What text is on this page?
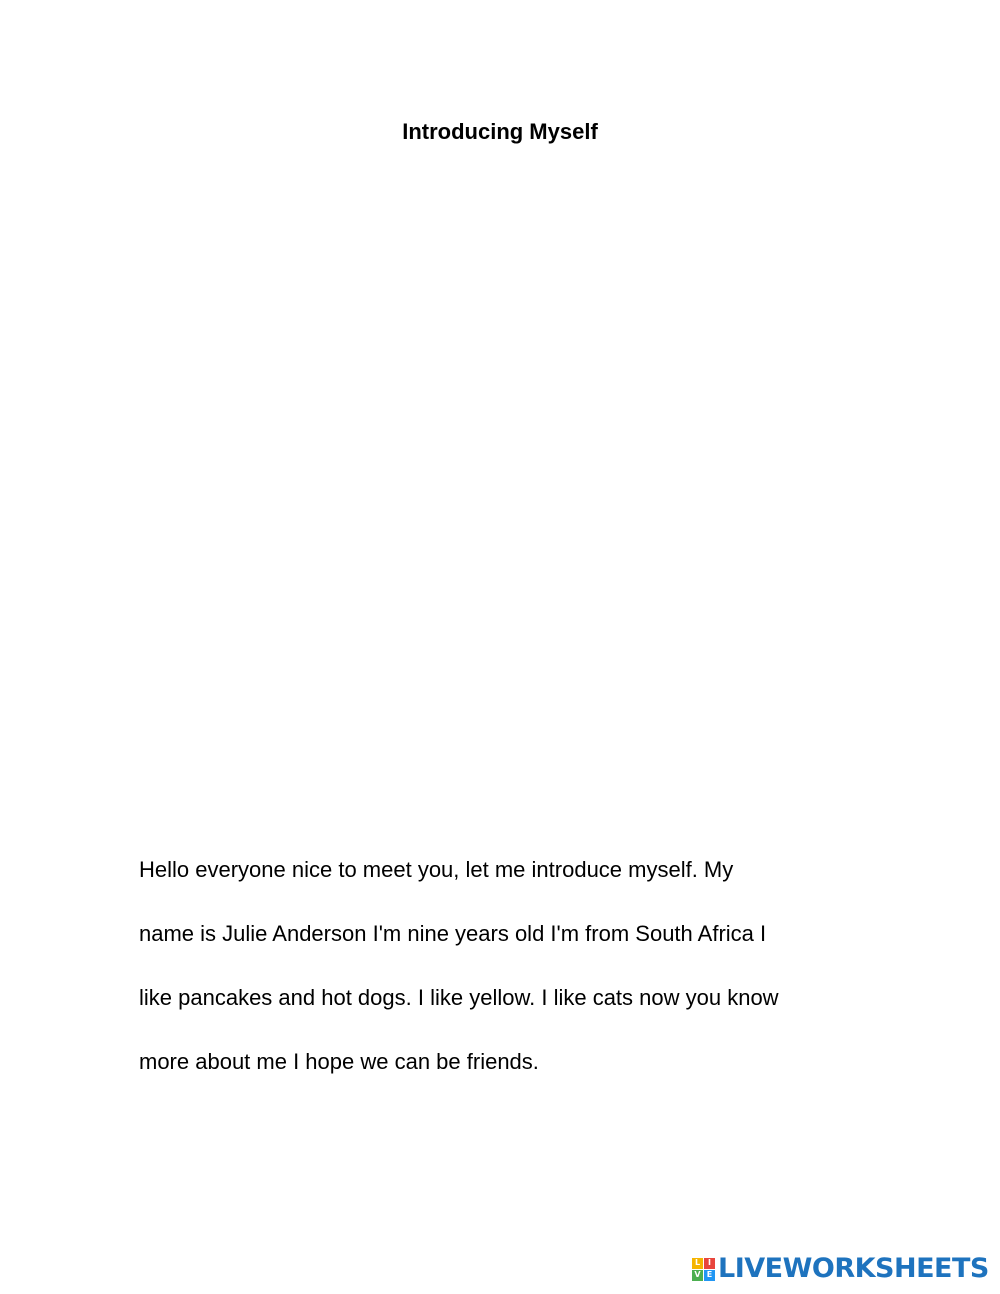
Introducing Myself
Hello everyone nice to meet you, let me introduce myself. My
name is Julie Anderson I'm nine years old I'm from South Africa I
like pancakes and hot dogs. I like yellow. I like cats now you know
more about me I hope we can be friends.
L I
V E LIVEWORKSHEETS
